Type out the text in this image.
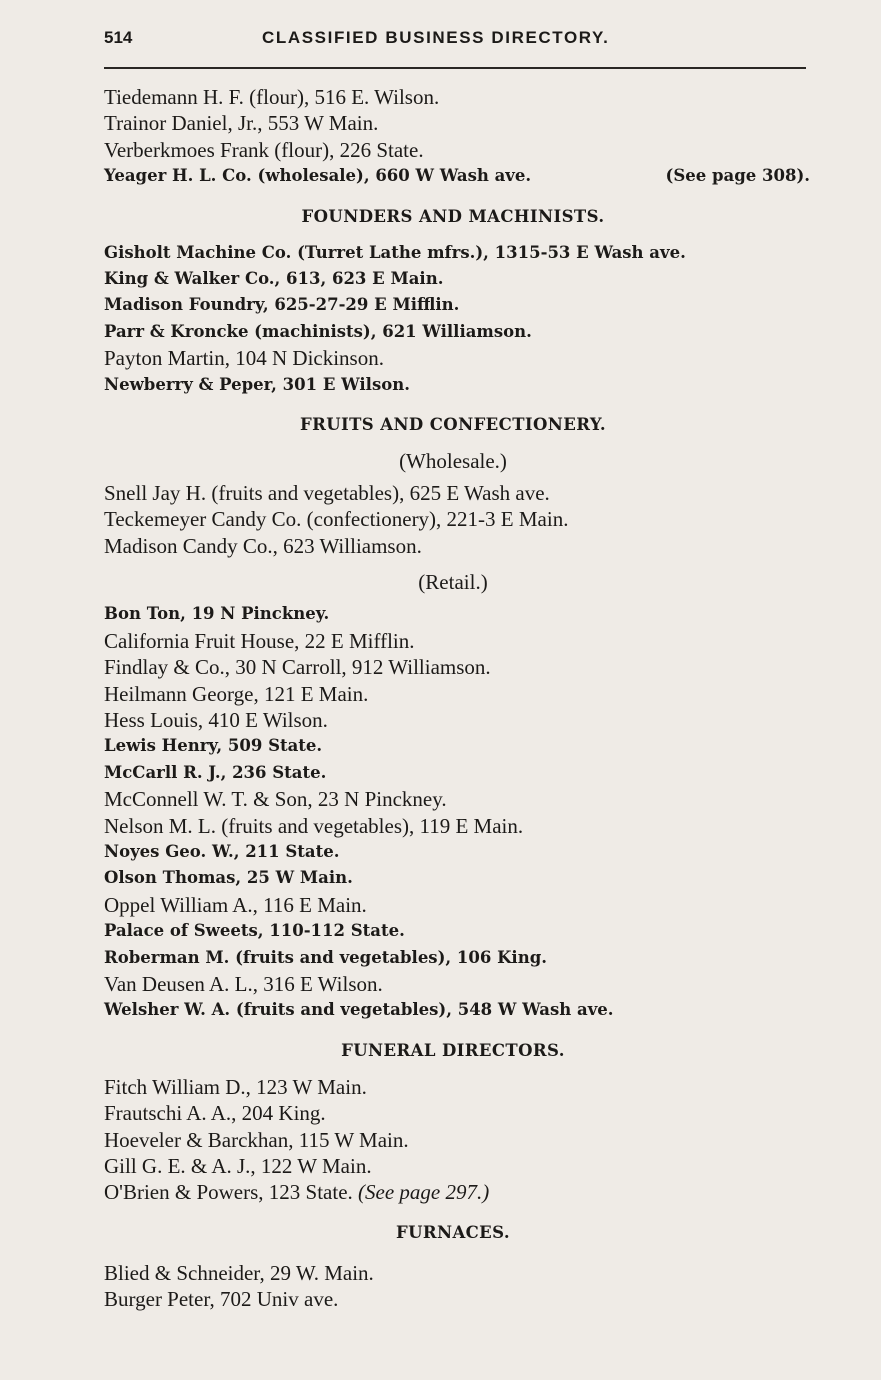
514	CLASSIFIED BUSINESS DIRECTORY.
Tiedemann H. F. (flour), 516 E. Wilson.
Trainor Daniel, Jr., 553 W Main.
Verberkmoes Frank (flour), 226 State.
Yeager H. L. Co. (wholesale), 660 W Wash ave.	(See page 308).
FOUNDERS AND MACHINISTS.
Gisholt Machine Co. (Turret Lathe mfrs.), 1315-53 E Wash ave.
King & Walker Co., 613, 623 E Main.
Madison Foundry, 625-27-29 E Mifflin.
Parr & Kroncke (machinists), 621 Williamson.
Payton Martin, 104 N Dickinson.
Newberry & Peper, 301 E Wilson.
FRUITS AND CONFECTIONERY.
(Wholesale.)
Snell Jay H. (fruits and vegetables), 625 E Wash ave.
Teckemeyer Candy Co. (confectionery), 221-3 E Main.
Madison Candy Co., 623 Williamson.
(Retail.)
Bon Ton, 19 N Pinckney.
California Fruit House, 22 E Mifflin.
Findlay & Co., 30 N Carroll, 912 Williamson.
Heilmann George, 121 E Main.
Hess Louis, 410 E Wilson.
Lewis Henry, 509 State.
McCarll R. J., 236 State.
McConnell W. T. & Son, 23 N Pinckney.
Nelson M. L. (fruits and vegetables), 119 E Main.
Noyes Geo. W., 211 State.
Olson Thomas, 25 W Main.
Oppel William A., 116 E Main.
Palace of Sweets, 110-112 State.
Roberman M. (fruits and vegetables), 106 King.
Van Deusen A. L., 316 E Wilson.
Welsher W. A. (fruits and vegetables), 548 W Wash ave.
FUNERAL DIRECTORS.
Fitch William D., 123 W Main.
Frautschi A. A., 204 King.
Hoeveler & Barckhan, 115 W Main.
Gill G. E. & A. J., 122 W Main.
O'Brien & Powers, 123 State. (See page 297.)
FURNACES.
Blied & Schneider, 29 W. Main.
Burger Peter, 702 Univ ave.
